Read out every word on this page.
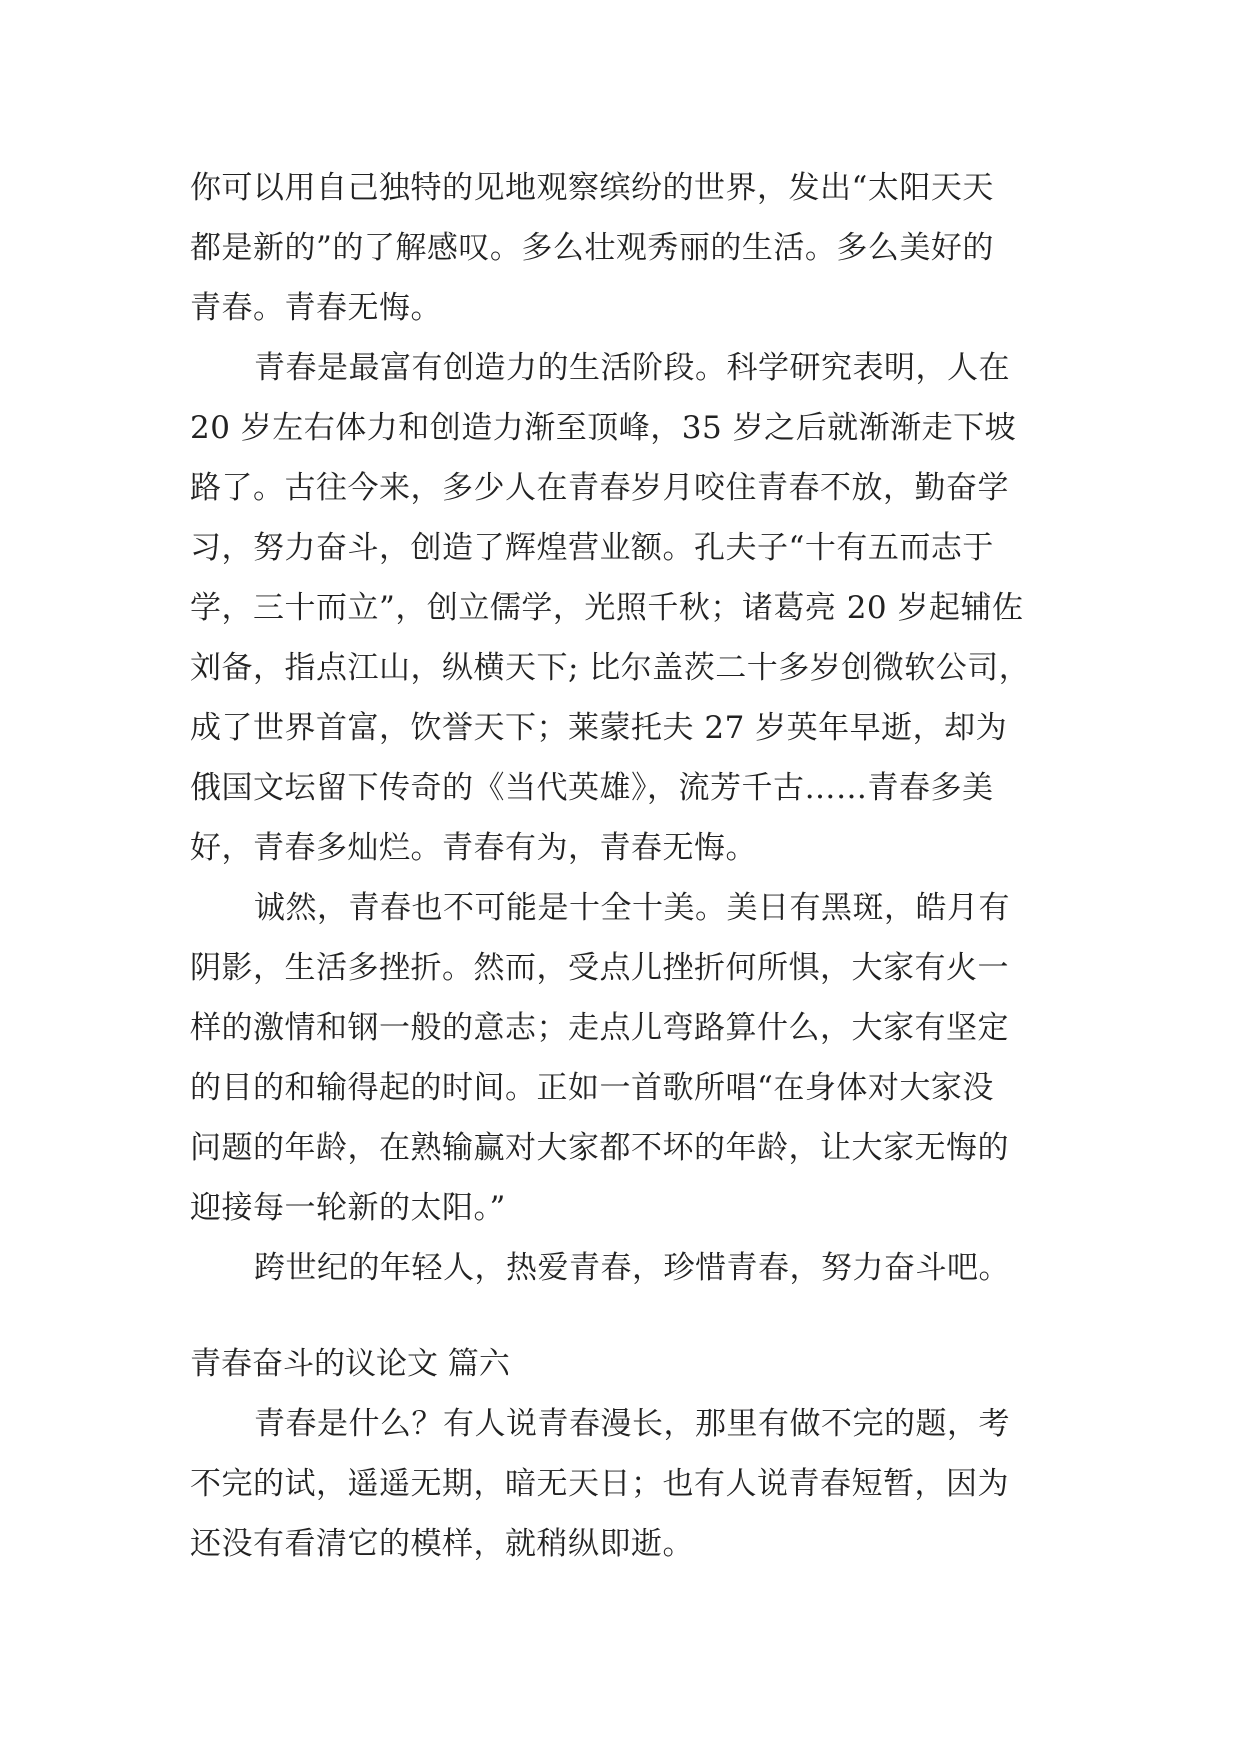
你可以用自己独特的见地观察缤纷的世界，发出“太阳天天
都是新的”的了解感叹。多么壮观秀丽的生活。多么美好的
青春。青春无悔。
青春是最富有创造力的生活阶段。科学研究表明，人在
20 岁左右体力和创造力渐至顶峰，35 岁之后就渐渐走下坡
路了。古往今来，多少人在青春岁月咬住青春不放，勤奋学
习，努力奋斗，创造了辉煌营业额。孔夫子“十有五而志于
学，三十而立”，创立儒学，光照千秋；诸葛亮 20 岁起辅佐
刘备，指点江山，纵横天下; 比尔盖茨二十多岁创微软公司，
成了世界首富，饮誉天下；莱蒙托夫 27 岁英年早逝，却为
俄国文坛留下传奇的《当代英雄》，流芳千古……青春多美
好，青春多灿烂。青春有为，青春无悔。
诚然，青春也不可能是十全十美。美日有黑斑，皓月有
阴影，生活多挫折。然而，受点儿挫折何所惧，大家有火一
样的激情和钢一般的意志；走点儿弯路算什么，大家有坚定
的目的和输得起的时间。正如一首歌所唱“在身体对大家没
问题的年龄，在熟输赢对大家都不坏的年龄，让大家无悔的
迎接每一轮新的太阳。”
跨世纪的年轻人，热爱青春，珍惜青春，努力奋斗吧。
青春奋斗的议论文 篇六
青春是什么？有人说青春漫长，那里有做不完的题，考
不完的试，遥遥无期，暗无天日；也有人说青春短暂，因为
还没有看清它的模样，就稍纵即逝。
